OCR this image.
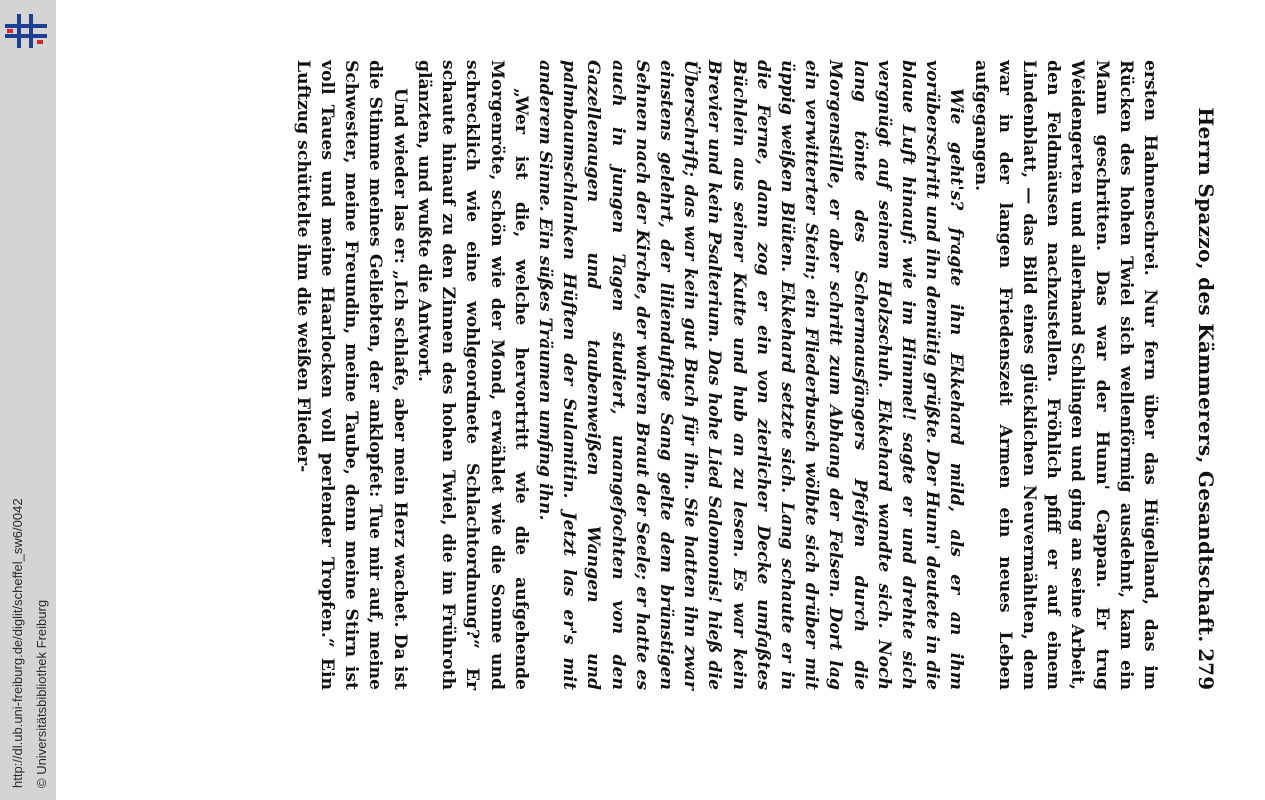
http://dl.ub.uni-freiburg.de/diglit/scheffel_sw6/0042 © Universitätsbibliothek Freiburg
Herrn Spazzo, des Kämmerers, Gesandtschaft.
279

ersten Hahnenschrei. Nur fern über das Hügelland, das im Rücken des hohen Twiel sich wellenförmig ausdehnt, kam ein Mann geschritten. Das war der Hunn' Cappan. Er trug Weidengerten und allerhand Schlingen und ging an seine Arbeit, den Feldmäusen nachzustellen. Fröhlich pfiff er auf einem Lindenblatt, — das Bild eines glücklichen Neuvermählten, dem war in der langen Friedenszeit Armen ein neues Leben aufgegangen.

Wie geht's? fragte ihn Ekkehard mild, als er an ihm vorüberschritt und ihn demütig grüßte. Der Hunn' deutete in die blaue Luft hinauf: wie im Himmel! sagte er und drehte sich vergnügt auf seinem Holzschuh. Ekkehard wandte sich. Noch lang tönte des Schermausfängers Pfeifen durch die Morgenstille, er aber schritt zum Abhang der Felsen. Dort lag ein verwitterter Stein; ein Fliederbusch wölbte sich drüber mit üppig weißen Blüten. Ekkehard setzte sich. Lang schaute er in die Ferne, dann zog er ein von zierlicher Decke umfaßtes Büchlein aus seiner Kutte und hub an zu lesen. Es war kein Brevier und kein Psalterium. Das hohe Lied Salomonis! hieß die Überschrift; das war kein gut Buch für ihn. Sie hatten ihn zwar einstens gelehrt, der lilienduftige Sang gelte dem brünstigen Sehnen nach der Kirche, der wahren Braut der Seele; er hatte es auch in jungen Tagen studiert, unangefochten von den Gazellenaugen und taubenweißen Wangen und palmbaumschlanken Hüften der Sulamitin. Jetzt las er's mit anderem Sinne. Ein süßes Träumen umfing ihn.

„Wer ist die, welche hervortritt wie die aufgehende Morgenröte, schön wie der Mond, erwählet wie die Sonne und schrecklich wie eine wohlgeordnete Schlachtordnung?“ Er schaute hinauf zu den Zinnen des hohen Twiel, die im Frühroth glänzten, und wußte die Antwort.

Und wieder las er: „Ich schlafe, aber mein Herz wachet. Da ist die Stimme meines Geliebten, der anklopfet: Tue mir auf, meine Schwester, meine Freundin, meine Taube, denn meine Stirn ist voll Taues und meine Haarlocken voll perlender Tropfen.“ Ein Luftzug schüttelte ihm die weißen Flieder-
